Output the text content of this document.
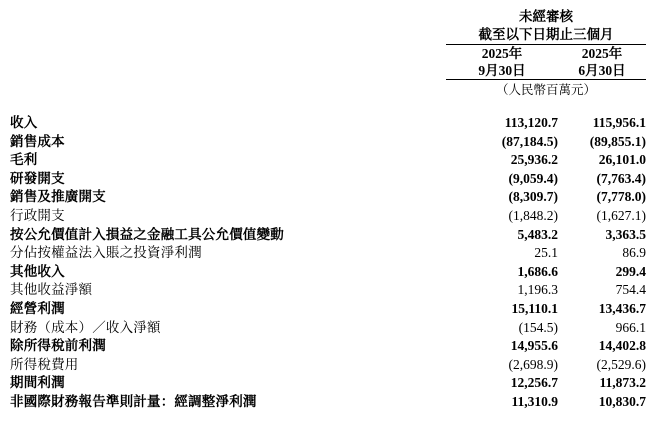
	未經審核	
	截至以下日期止三個月	
	2025年	2025年
	9月30日	6月30日
	（人民幣百萬元）	

收入	113,120.7	115,956.1
銷售成本	(87,184.5)	(89,855.1)
毛利	25,936.2	26,101.0
研發開支	(9,059.4)	(7,763.4)
銷售及推廣開支	(8,309.7)	(7,778.0)
行政開支	(1,848.2)	(1,627.1)
按公允價值計入損益之金融工具公允價值變動	5,483.2	3,363.5
分佔按權益法入賬之投資淨利潤	25.1	86.9
其他收入	1,686.6	299.4
其他收益淨額	1,196.3	754.4
經營利潤	15,110.1	13,436.7
財務（成本）／收入淨額	(154.5)	966.1
除所得稅前利潤	14,955.6	14,402.8
所得稅費用	(2,698.9)	(2,529.6)
期間利潤	12,256.7	11,873.2
非國際財務報告準則計量：經調整淨利潤	11,310.9	10,830.7
